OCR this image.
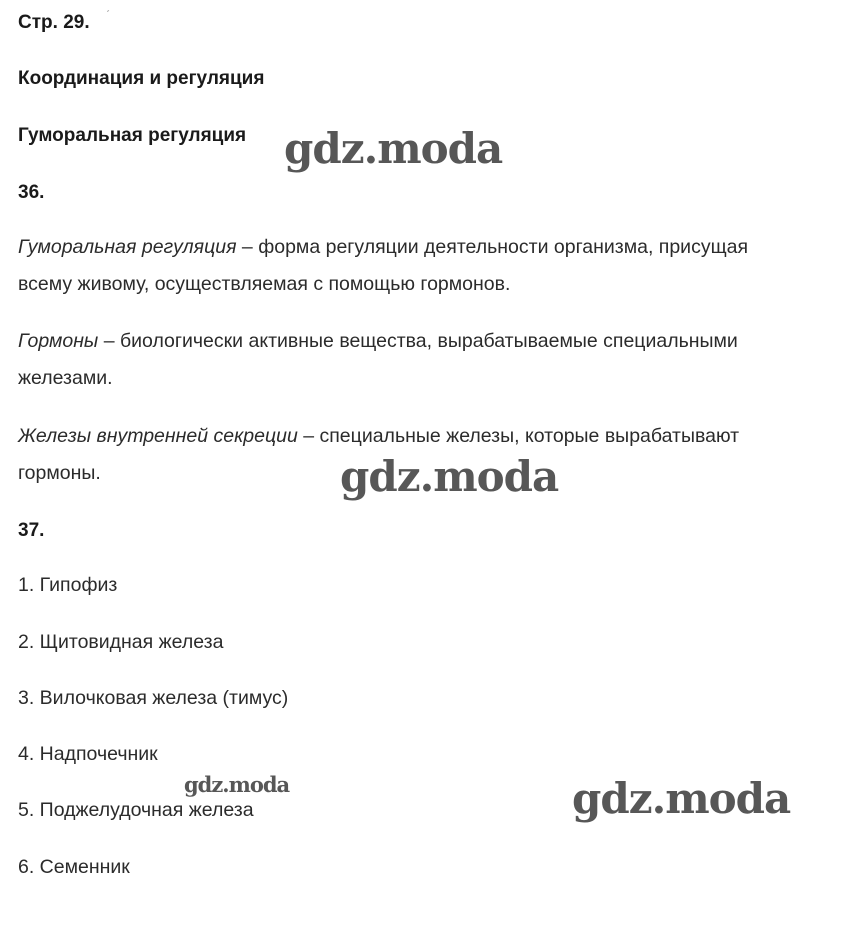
Стр. 29. ˊ
Координация и регуляция
Гуморальная регуляция
36.
Гуморальная регуляция – форма регуляции деятельности организма, присущая
всему живому, осуществляемая с помощью гормонов.
Гормоны – биологически активные вещества, вырабатываемые специальными
железами.
Железы внутренней секреции – специальные железы, которые вырабатывают
гормоны.
37.
1. Гипофиз
2. Щитовидная железа
3. Вилочковая железа (тимус)
4. Надпочечник
5. Поджелудочная железа
6. Семенник
gdz.moda
gdz.moda
gdz.moda	gdz.moda
